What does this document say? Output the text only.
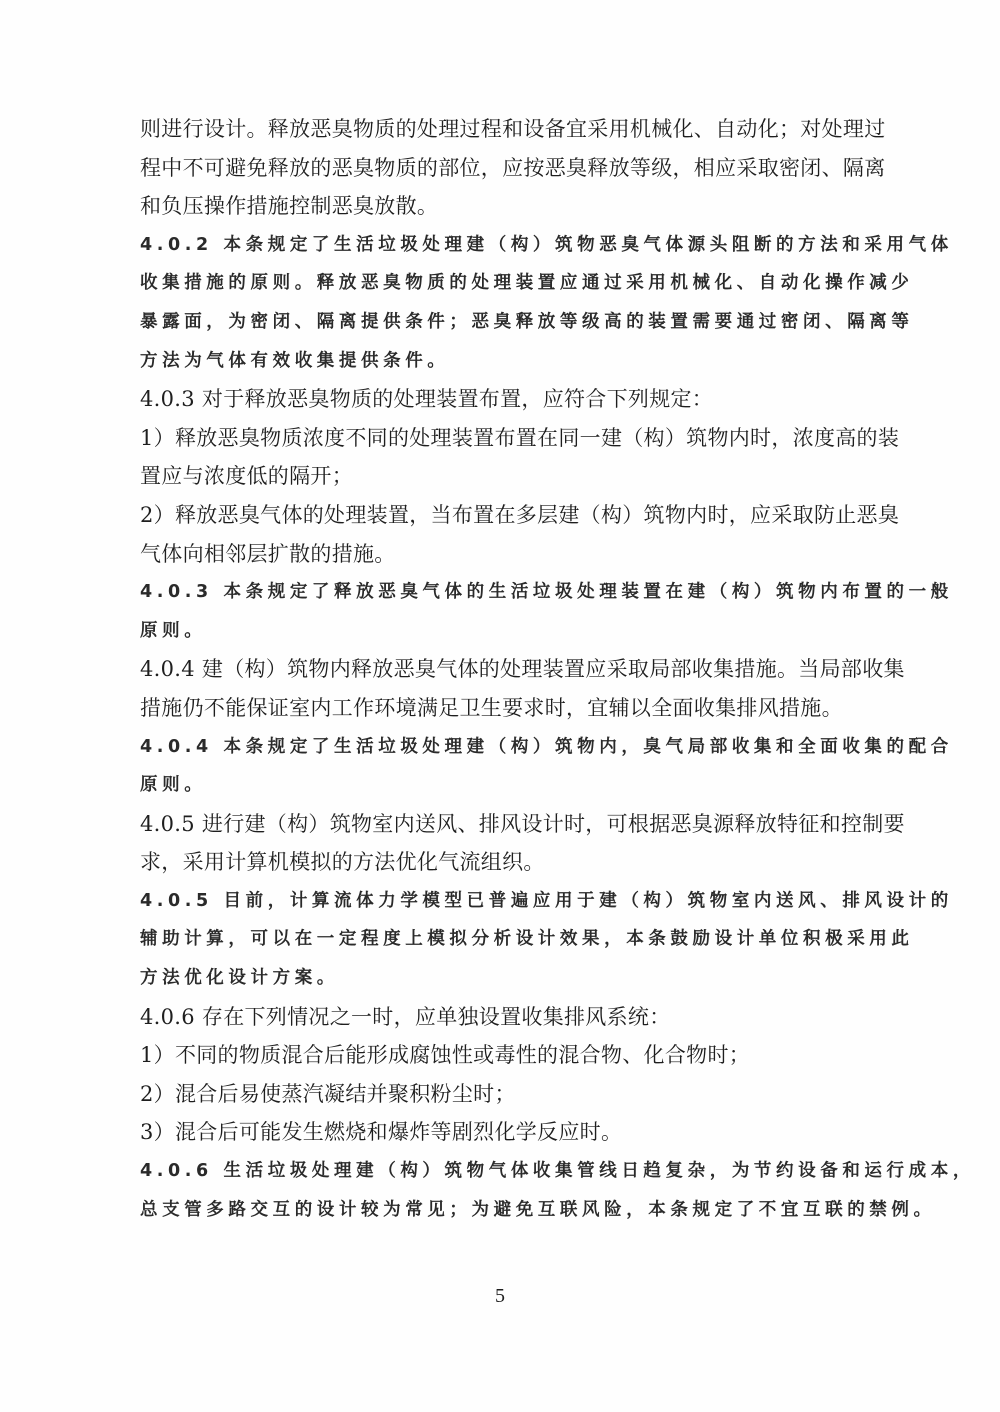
则进行设计。释放恶臭物质的处理过程和设备宜采用机械化、自动化；对处理过
程中不可避免释放的恶臭物质的部位，应按恶臭释放等级，相应采取密闭、隔离
和负压操作措施控制恶臭放散。
4.0.2 本条规定了生活垃圾处理建（构）筑物恶臭气体源头阻断的方法和采用气体
收集措施的原则。释放恶臭物质的处理装置应通过采用机械化、自动化操作减少
暴露面，为密闭、隔离提供条件；恶臭释放等级高的装置需要通过密闭、隔离等
方法为气体有效收集提供条件。
4.0.3 对于释放恶臭物质的处理装置布置，应符合下列规定：
1）释放恶臭物质浓度不同的处理装置布置在同一建（构）筑物内时，浓度高的装
置应与浓度低的隔开；
2）释放恶臭气体的处理装置，当布置在多层建（构）筑物内时，应采取防止恶臭
气体向相邻层扩散的措施。
4.0.3 本条规定了释放恶臭气体的生活垃圾处理装置在建（构）筑物内布置的一般
原则。
4.0.4 建（构）筑物内释放恶臭气体的处理装置应采取局部收集措施。当局部收集
措施仍不能保证室内工作环境满足卫生要求时，宜辅以全面收集排风措施。
4.0.4 本条规定了生活垃圾处理建（构）筑物内，臭气局部收集和全面收集的配合
原则。
4.0.5 进行建（构）筑物室内送风、排风设计时，可根据恶臭源释放特征和控制要
求，采用计算机模拟的方法优化气流组织。
4.0.5 目前，计算流体力学模型已普遍应用于建（构）筑物室内送风、排风设计的
辅助计算，可以在一定程度上模拟分析设计效果，本条鼓励设计单位积极采用此
方法优化设计方案。
4.0.6 存在下列情况之一时，应单独设置收集排风系统：
1）不同的物质混合后能形成腐蚀性或毒性的混合物、化合物时；
2）混合后易使蒸汽凝结并聚积粉尘时；
3）混合后可能发生燃烧和爆炸等剧烈化学反应时。
4.0.6 生活垃圾处理建（构）筑物气体收集管线日趋复杂，为节约设备和运行成本，
总支管多路交互的设计较为常见；为避免互联风险，本条规定了不宜互联的禁例。
5
